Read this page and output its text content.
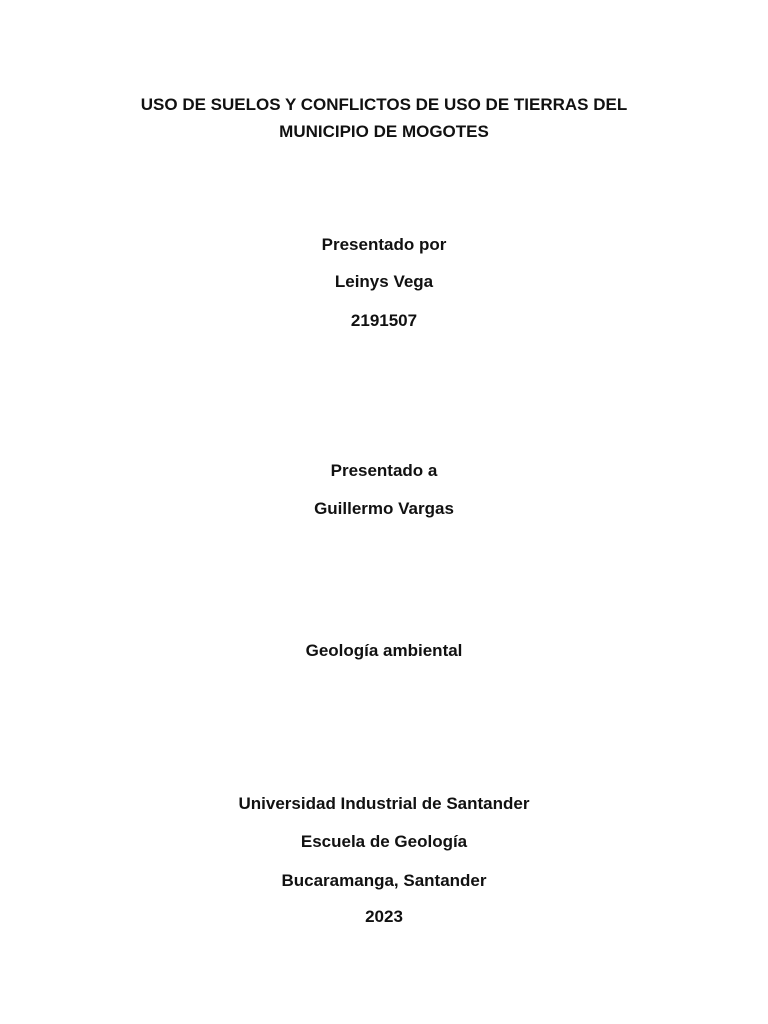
USO DE SUELOS Y CONFLICTOS DE USO DE TIERRAS DEL
MUNICIPIO DE MOGOTES
Presentado por
Leinys Vega
2191507
Presentado a
Guillermo Vargas
Geología ambiental
Universidad Industrial de Santander
Escuela de Geología
Bucaramanga, Santander
2023
